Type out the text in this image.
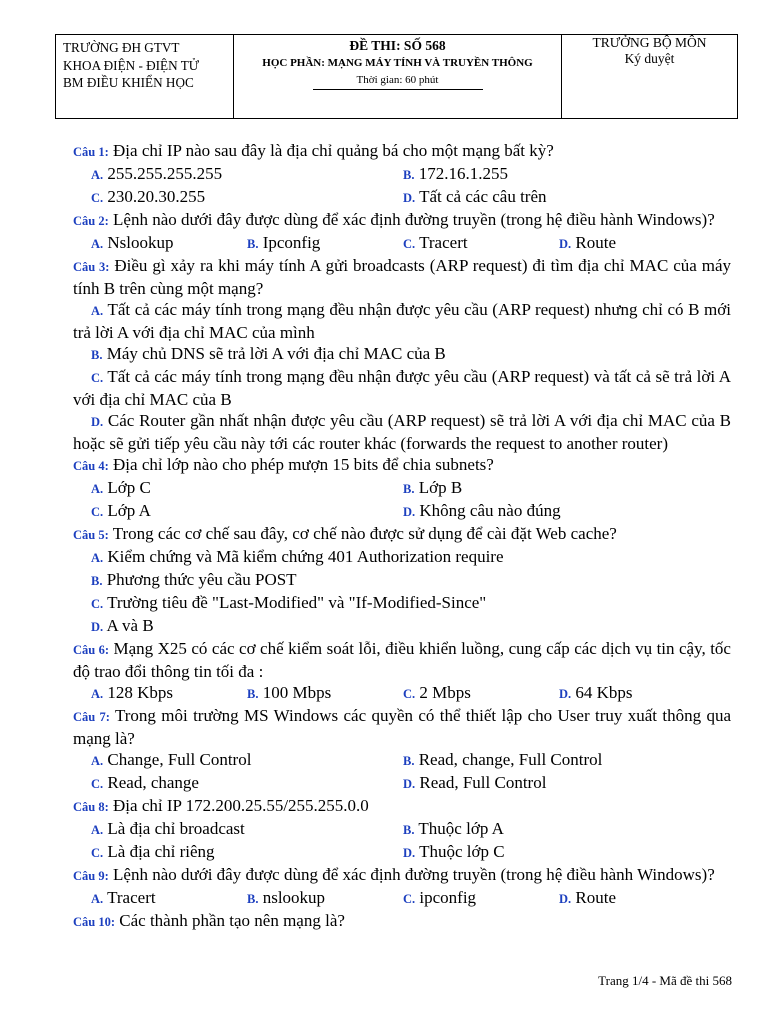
TRƯỜNG ĐH GTVT
KHOA ĐIỆN - ĐIỆN TỬ
BM ĐIỀU KHIỂN HỌC
ĐỀ THI: SỐ 568
HỌC PHẦN: MẠNG MÁY TÍNH VÀ TRUYỀN THÔNG
Thời gian: 60 phút
TRƯỞNG BỘ MÔN
Ký duyệt
Câu 1: Địa chỉ IP nào sau đây là địa chỉ quảng bá cho một mạng bất kỳ?
A. 255.255.255.255	B. 172.16.1.255
C. 230.20.30.255	D. Tất cả các câu trên
Câu 2: Lệnh nào dưới đây được dùng để xác định đường truyền (trong hệ điều hành Windows)?
A. Nslookup	B. Ipconfig	C. Tracert	D. Route
Câu 3: Điều gì xảy ra khi máy tính A gửi broadcasts (ARP request) đi tìm địa chỉ MAC của máy tính B trên cùng một mạng?
A. Tất cả các máy tính trong mạng đều nhận được yêu cầu (ARP request) nhưng chỉ có B mới trả lời A với địa chỉ MAC của mình
B. Máy chủ DNS sẽ trả lời A với địa chỉ MAC của B
C. Tất cả các máy tính trong mạng đều nhận được yêu cầu (ARP request) và tất cả sẽ trả lời A với địa chỉ MAC của B
D. Các Router gần nhất nhận được yêu cầu (ARP request) sẽ trả lời A với địa chỉ MAC của B hoặc sẽ gửi tiếp yêu cầu này tới các router khác (forwards the request to another router)
Câu 4: Địa chỉ lớp nào cho phép mượn 15 bits để chia subnets?
A. Lớp C	B. Lớp B
C. Lớp A	D. Không câu nào đúng
Câu 5: Trong các cơ chế sau đây, cơ chế nào được sử dụng để cài đặt Web cache?
A. Kiểm chứng và Mã kiểm chứng 401 Authorization require
B. Phương thức yêu cầu POST
C. Trường tiêu đề "Last-Modified" và "If-Modified-Since"
D. A và B
Câu 6: Mạng X25 có các cơ chế kiểm soát lỗi, điều khiển luồng, cung cấp các dịch vụ tin cậy, tốc độ trao đổi thông tin tối đa :
A. 128 Kbps	B. 100 Mbps	C. 2 Mbps	D. 64 Kbps
Câu 7: Trong môi trường MS Windows các quyền có thể thiết lập cho User truy xuất thông qua mạng là?
A. Change, Full Control	B. Read, change, Full Control
C. Read, change	D. Read, Full Control
Câu 8: Địa chỉ IP 172.200.25.55/255.255.0.0
A. Là địa chỉ broadcast	B. Thuộc lớp A
C. Là địa chỉ riêng	D. Thuộc lớp C
Câu 9: Lệnh nào dưới đây được dùng để xác định đường truyền (trong hệ điều hành Windows)?
A. Tracert	B. nslookup	C. ipconfig	D. Route
Câu 10: Các thành phần tạo nên mạng là?
Trang 1/4 - Mã đề thi 568
